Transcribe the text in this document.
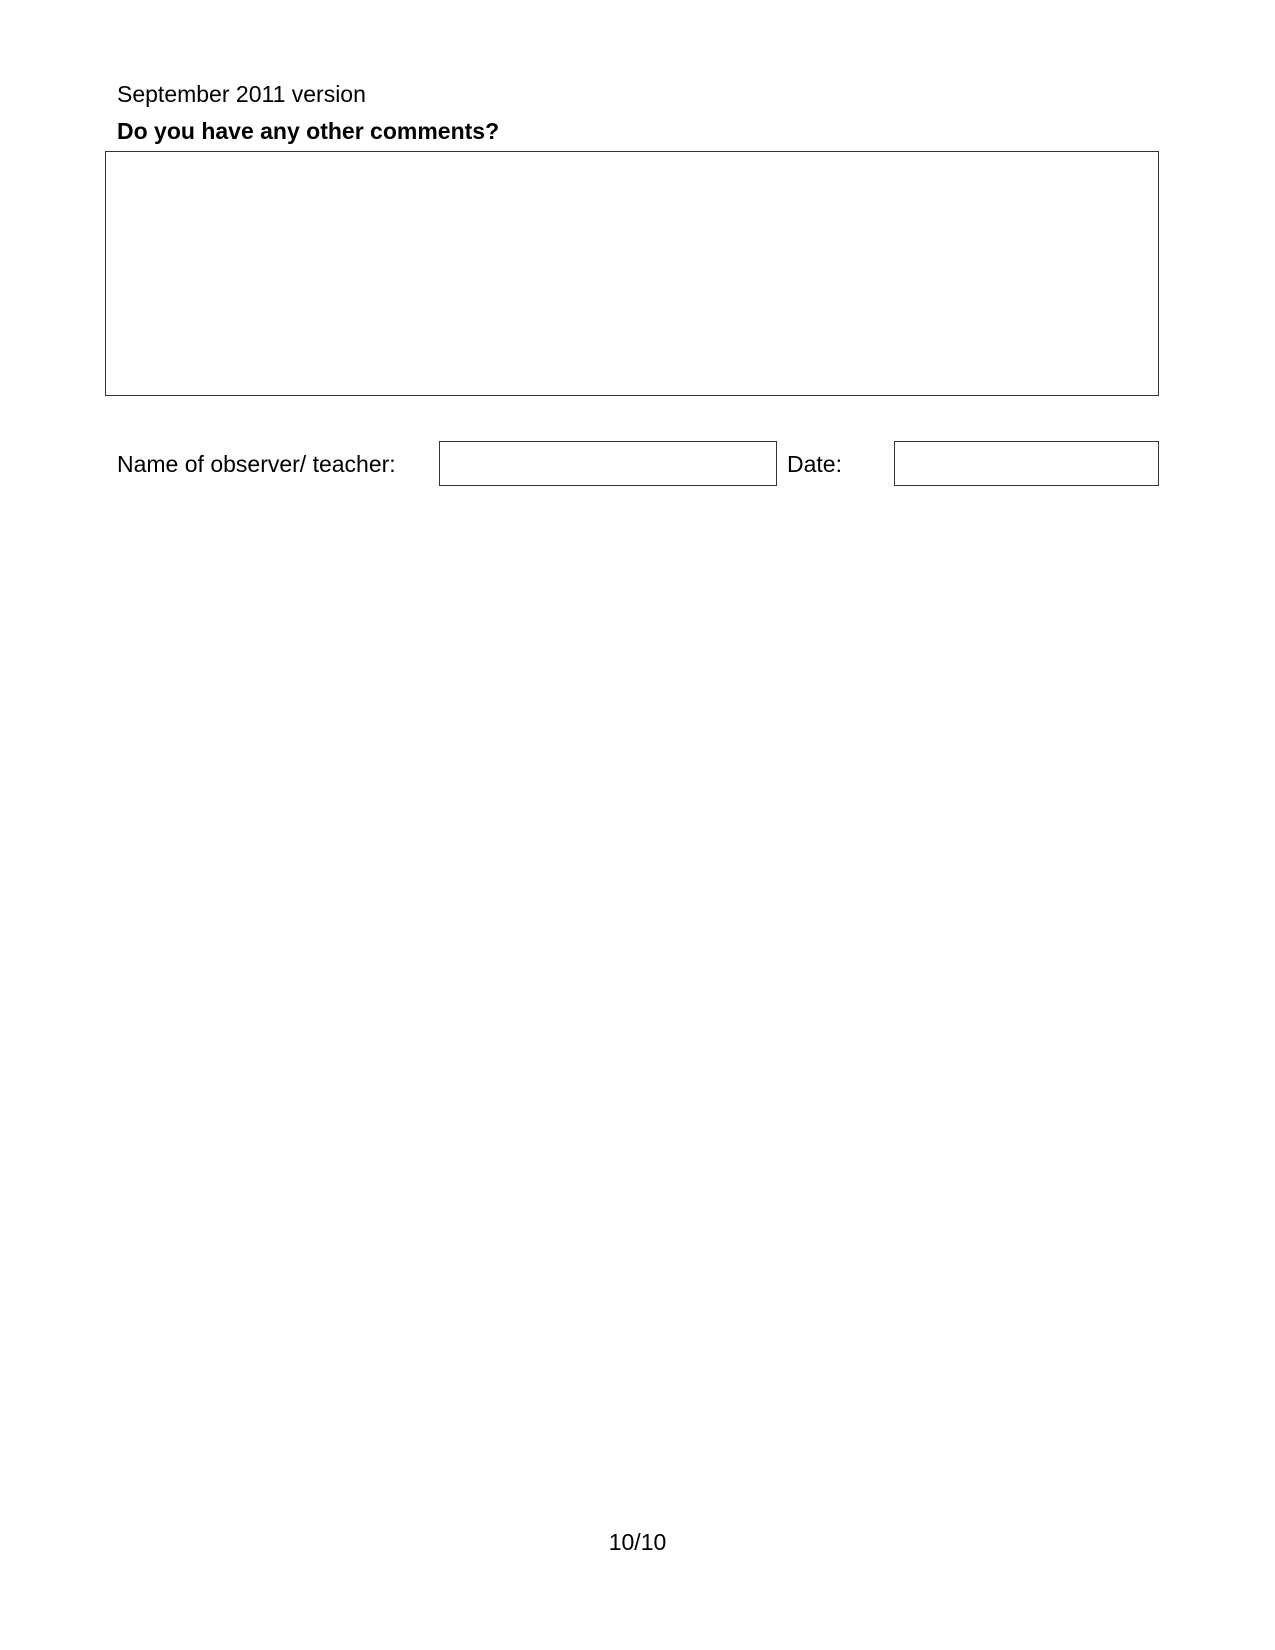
September 2011 version
Do you have any other comments?
Name of observer/ teacher:	Date:
10/10
